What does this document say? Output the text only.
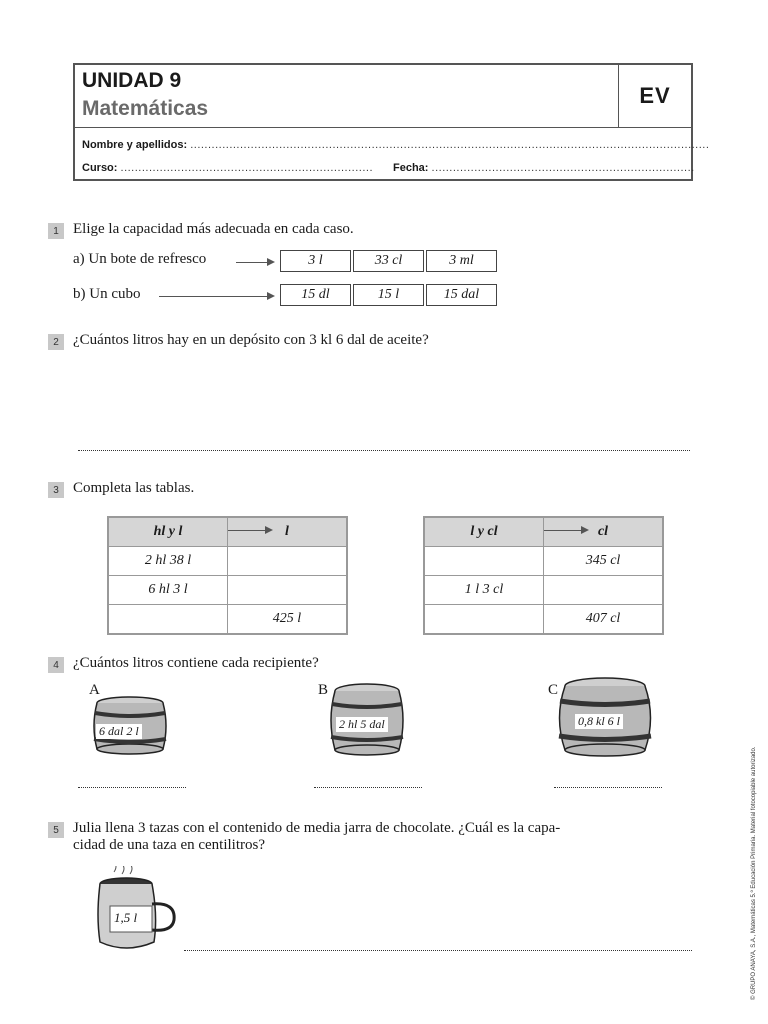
UNIDAD 9
Matemáticas
EV
Nombre y apellidos: ..................................................................................................................................................
Curso: ....................................................................... Fecha: ..........................................................................
1 Elige la capacidad más adecuada en cada caso.
a) Un bote de refresco	3 l	33 cl	3 ml
b) Un cubo	15 dl	15 l	15 dal
2 ¿Cuántos litros hay en un depósito con 3 kl 6 dal de aceite?
3 Completa las tablas.
hl y l	l
2 hl 38 l	
6 hl 3 l	
	425 l
l y cl	cl
	345 cl
1 l 3 cl	
	407 cl
4 ¿Cuántos litros contiene cada recipiente?
A
6 dal 2 l
B
2 hl 5 dal
C
0,8 kl 6 l
5 Julia llena 3 tazas con el contenido de media jarra de chocolate. ¿Cuál es la capa-
cidad de una taza en centilitros?
1,5 l	© GRUPO ANAYA, S.A., Matemáticas 5.º Educación Primaria. Material fotocopiable autorizado.
